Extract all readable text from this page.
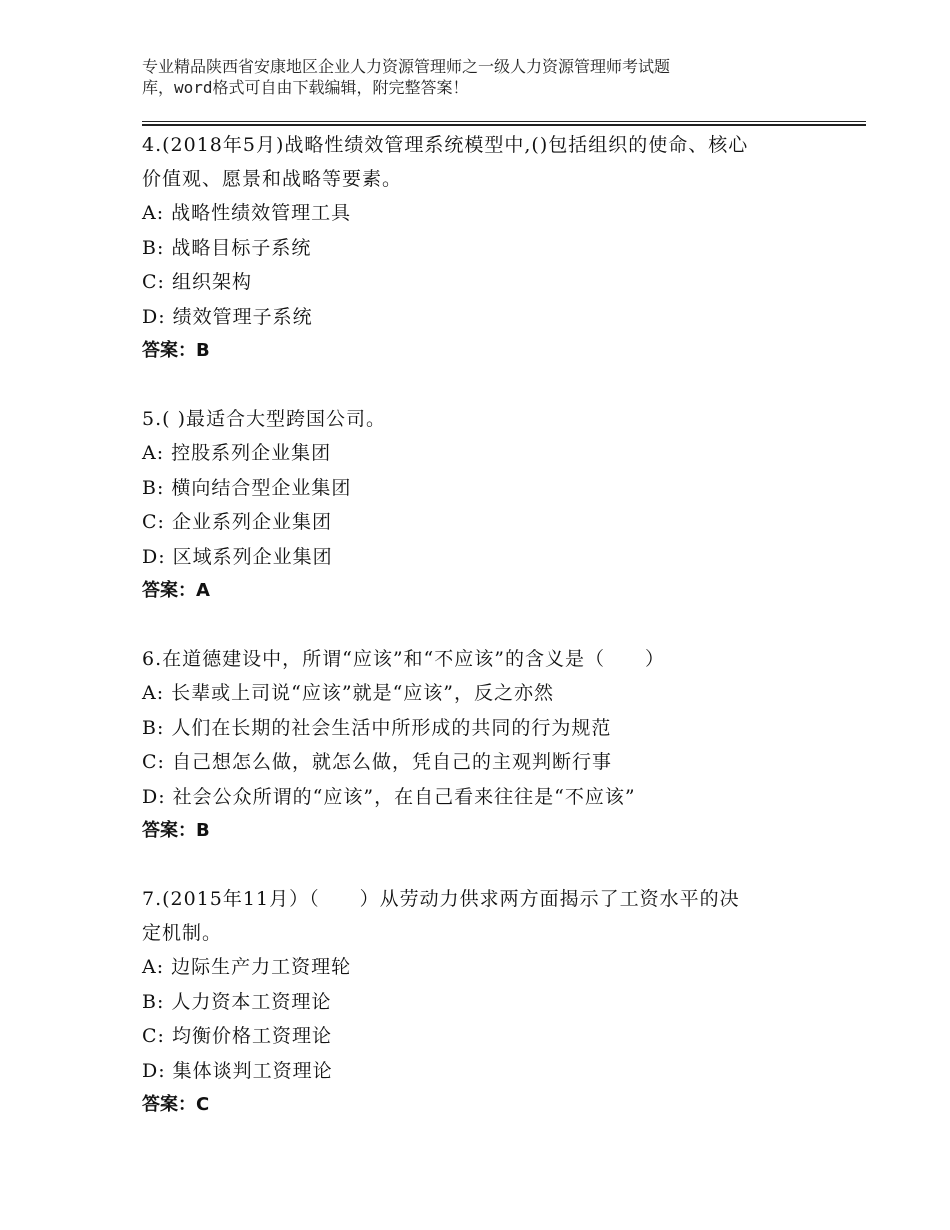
专业精品陕西省安康地区企业人力资源管理师之一级人力资源管理师考试题
库，word格式可自由下载编辑，附完整答案！
4.(2018年5月)战略性绩效管理系统模型中,()包括组织的使命、核心
价值观、愿景和战略等要素。
A: 战略性绩效管理工具
B: 战略目标子系统
C: 组织架构
D: 绩效管理子系统
答案：B
5.( )最适合大型跨国公司。
A: 控股系列企业集团
B: 横向结合型企业集团
C: 企业系列企业集团
D: 区域系列企业集团
答案：A
6.在道德建设中，所谓“应该”和“不应该”的含义是（　　）
A: 长辈或上司说“应该”就是“应该”，反之亦然
B: 人们在长期的社会生活中所形成的共同的行为规范
C: 自己想怎么做，就怎么做，凭自己的主观判断行事
D: 社会公众所谓的“应该”，在自己看来往往是“不应该”
答案：B
7.(2015年11月）（　　）从劳动力供求两方面揭示了工资水平的决
定机制。
A: 边际生产力工资理轮
B: 人力资本工资理论
C: 均衡价格工资理论
D: 集体谈判工资理论
答案：C
